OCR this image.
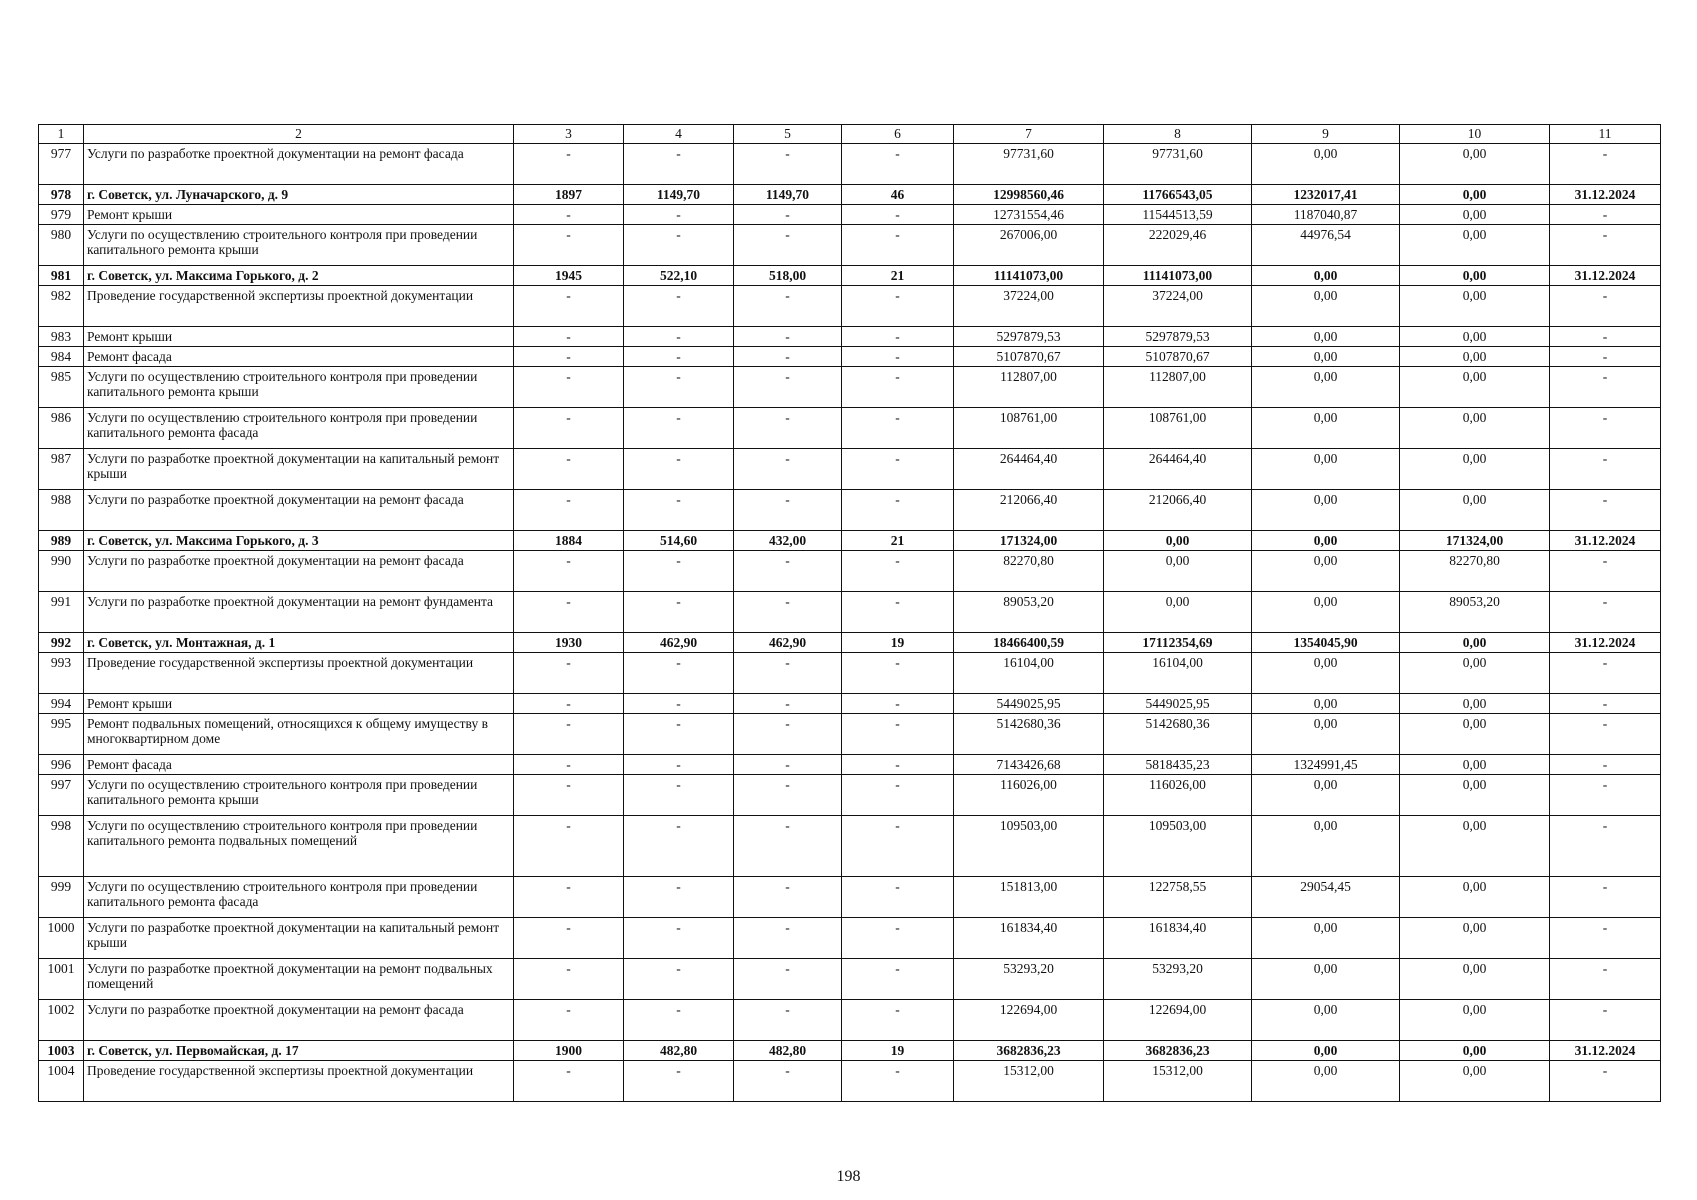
1	2	3	4	5	6	7	8	9	10	11
977	Услуги по разработке проектной документации на ремонт фасада	-	-	-	-	97731,60	97731,60	0,00	0,00	-
978	г. Советск, ул. Луначарского, д. 9	1897	1149,70	1149,70	46	12998560,46	11766543,05	1232017,41	0,00	31.12.2024
979	Ремонт крыши	-	-	-	-	12731554,46	11544513,59	1187040,87	0,00	-
980	Услуги по осуществлению строительного контроля при проведении капитального ремонта крыши	-	-	-	-	267006,00	222029,46	44976,54	0,00	-
981	г. Советск, ул. Максима Горького, д. 2	1945	522,10	518,00	21	11141073,00	11141073,00	0,00	0,00	31.12.2024
982	Проведение государственной экспертизы проектной документации	-	-	-	-	37224,00	37224,00	0,00	0,00	-
983	Ремонт крыши	-	-	-	-	5297879,53	5297879,53	0,00	0,00	-
984	Ремонт фасада	-	-	-	-	5107870,67	5107870,67	0,00	0,00	-
985	Услуги по осуществлению строительного контроля при проведении капитального ремонта крыши	-	-	-	-	112807,00	112807,00	0,00	0,00	-
986	Услуги по осуществлению строительного контроля при проведении капитального ремонта фасада	-	-	-	-	108761,00	108761,00	0,00	0,00	-
987	Услуги по разработке проектной документации на капитальный ремонт крыши	-	-	-	-	264464,40	264464,40	0,00	0,00	-
988	Услуги по разработке проектной документации на ремонт фасада	-	-	-	-	212066,40	212066,40	0,00	0,00	-
989	г. Советск, ул. Максима Горького, д. 3	1884	514,60	432,00	21	171324,00	0,00	0,00	171324,00	31.12.2024
990	Услуги по разработке проектной документации на ремонт фасада	-	-	-	-	82270,80	0,00	0,00	82270,80	-
991	Услуги по разработке проектной документации на ремонт фундамента	-	-	-	-	89053,20	0,00	0,00	89053,20	-
992	г. Советск, ул. Монтажная, д. 1	1930	462,90	462,90	19	18466400,59	17112354,69	1354045,90	0,00	31.12.2024
993	Проведение государственной экспертизы проектной документации	-	-	-	-	16104,00	16104,00	0,00	0,00	-
994	Ремонт крыши	-	-	-	-	5449025,95	5449025,95	0,00	0,00	-
995	Ремонт подвальных помещений, относящихся к общему имуществу в многоквартирном доме	-	-	-	-	5142680,36	5142680,36	0,00	0,00	-
996	Ремонт фасада	-	-	-	-	7143426,68	5818435,23	1324991,45	0,00	-
997	Услуги по осуществлению строительного контроля при проведении капитального ремонта крыши	-	-	-	-	116026,00	116026,00	0,00	0,00	-
998	Услуги по осуществлению строительного контроля при проведении капитального ремонта подвальных помещений	-	-	-	-	109503,00	109503,00	0,00	0,00	-
999	Услуги по осуществлению строительного контроля при проведении капитального ремонта фасада	-	-	-	-	151813,00	122758,55	29054,45	0,00	-
1000	Услуги по разработке проектной документации на капитальный ремонт крыши	-	-	-	-	161834,40	161834,40	0,00	0,00	-
1001	Услуги по разработке проектной документации на ремонт подвальных помещений	-	-	-	-	53293,20	53293,20	0,00	0,00	-
1002	Услуги по разработке проектной документации на ремонт фасада	-	-	-	-	122694,00	122694,00	0,00	0,00	-
1003	г. Советск, ул. Первомайская, д. 17	1900	482,80	482,80	19	3682836,23	3682836,23	0,00	0,00	31.12.2024
1004	Проведение государственной экспертизы проектной документации	-	-	-	-	15312,00	15312,00	0,00	0,00	-
198
